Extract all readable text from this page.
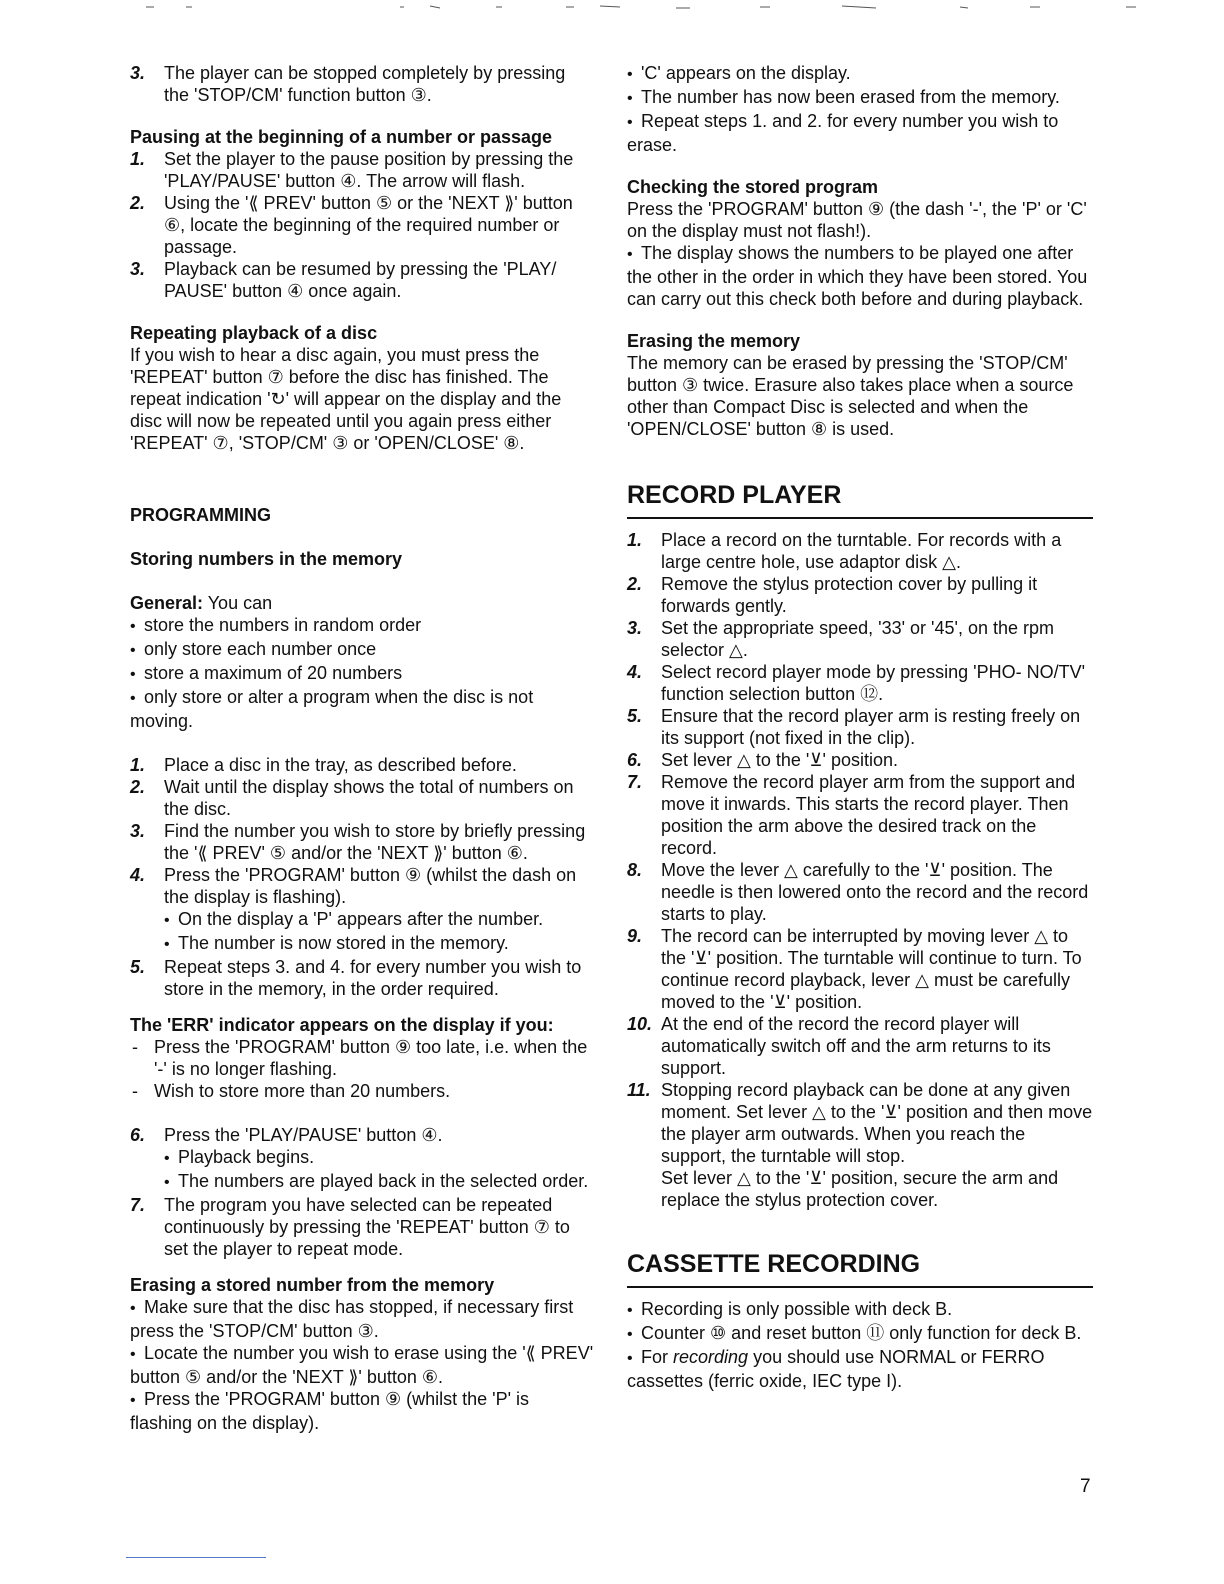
3. The player can be stopped completely by pressing the 'STOP/CM' function button ③.

Pausing at the beginning of a number or passage

1. Set the player to the pause position by pressing the 'PLAY/PAUSE' button ④. The arrow will flash.

2. Using the '⟪ PREV' button ⑤ or the 'NEXT ⟫' button ⑥, locate the beginning of the required number or passage.

3. Playback can be resumed by pressing the 'PLAY/ PAUSE' button ④ once again.

Repeating playback of a disc

If you wish to hear a disc again, you must press the 'REPEAT' button ⑦ before the disc has finished. The repeat indication '↻' will appear on the display and the disc will now be repeated until you again press either 'REPEAT' ⑦, 'STOP/CM' ③ or 'OPEN/CLOSE' ⑧.

PROGRAMMING

Storing numbers in the memory

General: You can

• store the numbers in random order

• only store each number once

• store a maximum of 20 numbers

• only store or alter a program when the disc is not moving.

1. Place a disc in the tray, as described before.

2. Wait until the display shows the total of numbers on the disc.

3. Find the number you wish to store by briefly pressing the '⟪ PREV' ⑤ and/or the 'NEXT ⟫' button ⑥.

4. Press the 'PROGRAM' button ⑨ (whilst the dash on the display is flashing).

• On the display a 'P' appears after the number.

• The number is now stored in the memory.

5. Repeat steps 3. and 4. for every number you wish to store in the memory, in the order required.

The 'ERR' indicator appears on the display if you:

- Press the 'PROGRAM' button ⑨ too late, i.e. when the '-' is no longer flashing.

- Wish to store more than 20 numbers.

6. Press the 'PLAY/PAUSE' button ④.

• Playback begins.

• The numbers are played back in the selected order.

7. The program you have selected can be repeated continuously by pressing the 'REPEAT' button ⑦ to set the player to repeat mode.

Erasing a stored number from the memory

• Make sure that the disc has stopped, if necessary first press the 'STOP/CM' button ③.

• Locate the number you wish to erase using the '⟪ PREV' button ⑤ and/or the 'NEXT ⟫' button ⑥.

• Press the 'PROGRAM' button ⑨ (whilst the 'P' is flashing on the display).

• 'C' appears on the display.

• The number has now been erased from the memory.

• Repeat steps 1. and 2. for every number you wish to erase.

Checking the stored program

Press the 'PROGRAM' button ⑨ (the dash '-', the 'P' or 'C' on the display must not flash!).

• The display shows the numbers to be played one after the other in the order in which they have been stored. You can carry out this check both before and during playback.

Erasing the memory

The memory can be erased by pressing the 'STOP/CM' button ③ twice. Erasure also takes place when a source other than Compact Disc is selected and when the 'OPEN/CLOSE' button ⑧ is used.

RECORD PLAYER

1. Place a record on the turntable. For records with a large centre hole, use adaptor disk △.

2. Remove the stylus protection cover by pulling it forwards gently.

3. Set the appropriate speed, '33' or '45', on the rpm selector △.

4. Select record player mode by pressing 'PHO- NO/TV' function selection button ⑫.

5. Ensure that the record player arm is resting freely on its support (not fixed in the clip).

6. Set lever △ to the '⊻' position.

7. Remove the record player arm from the support and move it inwards. This starts the record player. Then position the arm above the desired track on the record.

8. Move the lever △ carefully to the '⊻' position. The needle is then lowered onto the record and the record starts to play.

9. The record can be interrupted by moving lever △ to the '⊻' position. The turntable will continue to turn. To continue record playback, lever △ must be carefully moved to the '⊻' position.

10. At the end of the record the record player will automatically switch off and the arm returns to its support.

11. Stopping record playback can be done at any given moment. Set lever △ to the '⊻' position and then move the player arm outwards. When you reach the support, the turntable will stop.

Set lever △ to the '⊻' position, secure the arm and replace the stylus protection cover.

CASSETTE RECORDING

• Recording is only possible with deck B.

• Counter ⑩ and reset button ⑪ only function for deck B.

• For recording you should use NORMAL or FERRO cassettes (ferric oxide, IEC type I).

7
